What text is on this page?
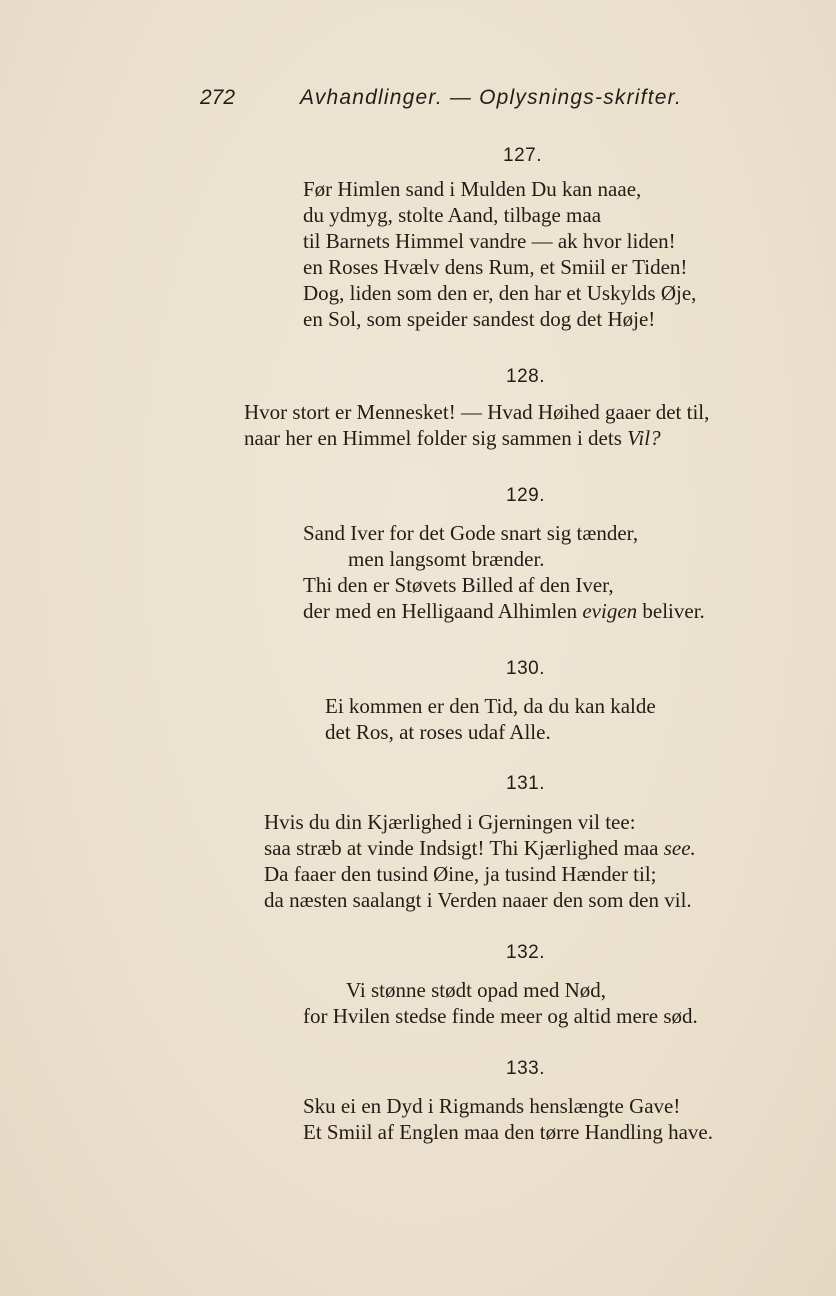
272	Avhandlinger. — Oplysnings-skrifter.
127.
Før Himlen sand i Mulden Du kan naae,
du ydmyg, stolte Aand, tilbage maa
til Barnets Himmel vandre — ak hvor liden!
en Roses Hvælv dens Rum, et Smiil er Tiden!
Dog, liden som den er, den har et Uskylds Øje,
en Sol, som speider sandest dog det Høje!
128.
Hvor stort er Mennesket! — Hvad Høihed gaaer det til,
naar her en Himmel folder sig sammen i dets Vil?
129.
Sand Iver for det Gode snart sig tænder,
men langsomt brænder.
Thi den er Støvets Billed af den Iver,
der med en Helligaand Alhimlen evigen beliver.
130.
Ei kommen er den Tid, da du kan kalde
det Ros, at roses udaf Alle.
131.
Hvis du din Kjærlighed i Gjerningen vil tee:
saa stræb at vinde Indsigt! Thi Kjærlighed maa see.
Da faaer den tusind Øine, ja tusind Hænder til;
da næsten saalangt i Verden naaer den som den vil.
132.
Vi stønne stødt opad med Nød,
for Hvilen stedse finde meer og altid mere sød.
133.
Sku ei en Dyd i Rigmands henslængte Gave!
Et Smiil af Englen maa den tørre Handling have.
